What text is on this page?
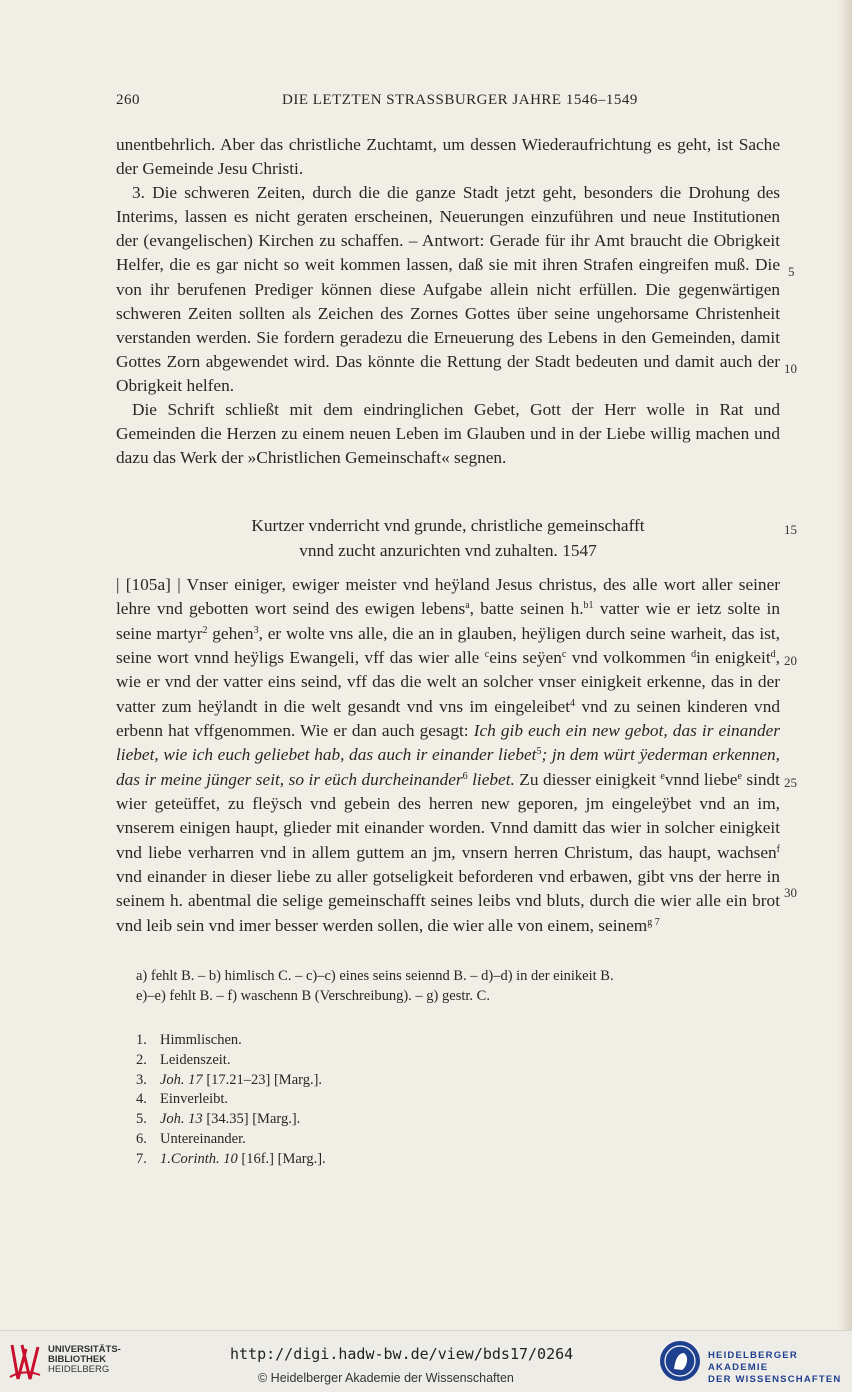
260	DIE LETZTEN STRASSBURGER JAHRE 1546–1549

unentbehrlich. Aber das christliche Zuchtamt, um dessen Wiederaufrichtung es geht, ist Sache der Gemeinde Jesu Christi.

3. Die schweren Zeiten, durch die die ganze Stadt jetzt geht, besonders die Drohung des Interims, lassen es nicht geraten erscheinen, Neuerungen einzuführen und neue Institutionen der (evangelischen) Kirchen zu schaffen. – Antwort: Gerade für ihr Amt braucht die Obrigkeit Helfer, die es gar nicht so weit kommen lassen, daß sie mit ihren Strafen eingreifen muß. Die von ihr berufenen Prediger können diese Aufgabe allein nicht erfüllen. Die gegenwärtigen schweren Zeiten sollten als Zeichen des Zornes Gottes über seine ungehorsame Christenheit verstanden werden. Sie fordern geradezu die Erneuerung des Lebens in den Gemeinden, damit Gottes Zorn abgewendet wird. Das könnte die Rettung der Stadt bedeuten und damit auch der Obrigkeit helfen.

Die Schrift schließt mit dem eindringlichen Gebet, Gott der Herr wolle in Rat und Gemeinden die Herzen zu einem neuen Leben im Glauben und in der Liebe willig machen und dazu das Werk der »Christlichen Gemeinschaft« segnen.

Kurtzer vnderricht vnd grunde, christliche gemeinschafft
vnnd zucht anzurichten vnd zuhalten. 1547

| [105a] | Vnser einiger, ewiger meister vnd heÿland Jesus christus, des alle wort aller seiner lehre vnd gebotten wort seind des ewigen lebens$^a$, batte seinen h.$^{b1}$ vatter wie er ietz solte in seine martyr$^2$ gehen$^3$, er wolte vns alle, die an in glauben, heÿligen durch seine warheit, das ist, seine wort vnnd heÿligs Ewangeli, vff das wier alle $^c$eins seÿen$^c$ vnd volkommen $^d$in enigkeit$^d$, wie er vnd der vatter eins seind, vff das die welt an solcher vnser einigkeit erkenne, das in der vatter zum heÿlandt in die welt gesandt vnd vns im eingeleibet$^4$ vnd zu seinen kinderen vnd erbenn hat vffgenommen. Wie er dan auch gesagt: Ich gib euch ein new gebot, das ir einander liebet, wie ich euch geliebet hab, das auch ir einander liebet$^5$; jn dem würt ÿederman erkennen, das ir meine jünger seit, so ir eüch durcheinander$^6$ liebet. Zu diesser einigkeit $^e$vnnd liebe$^e$ sindt wier geteüffet, zu fleÿsch vnd gebein des herren new geporen, jm eingeleÿbet vnd an im, vnserem einigen haupt, glieder mit einander worden. Vnnd damitt das wier in solcher einigkeit vnd liebe verharren vnd in allem guttem an jm, vnsern herren Christum, das haupt, wachsen$^f$ vnd einander in dieser liebe zu aller gotseligkeit beforderen vnd erbawen, gibt vns der herre in seinem h. abentmal die selige gemeinschafft seines leibs vnd bluts, durch die wier alle ein brot vnd leib sein vnd imer besser werden sollen, die wier alle von einem, seinem$^{g 7}$

5
10
15
20
25
30
a) fehlt B. – b) himlisch C. – c)–c) eines seins seiennd B. – d)–d) in der einikeit B.
e)–e) fehlt B. – f) waschenn B (Verschreibung). – g) gestr. C.
1. Himmlischen.
2. Leidenszeit.
3. Joh. 17 [17.21–23] [Marg.].
4. Einverleibt.
5. Joh. 13 [34.35] [Marg.].
6. Untereinander.
7. 1.Corinth. 10 [16f.] [Marg.].
UNIVERSITÄTS-
BIBLIOTHEK
HEIDELBERG
http://digi.hadw-bw.de/view/bds17/0264
© Heidelberger Akademie der Wissenschaften
HEIDELBERGER AKADEMIE
DER WISSENSCHAFTEN
